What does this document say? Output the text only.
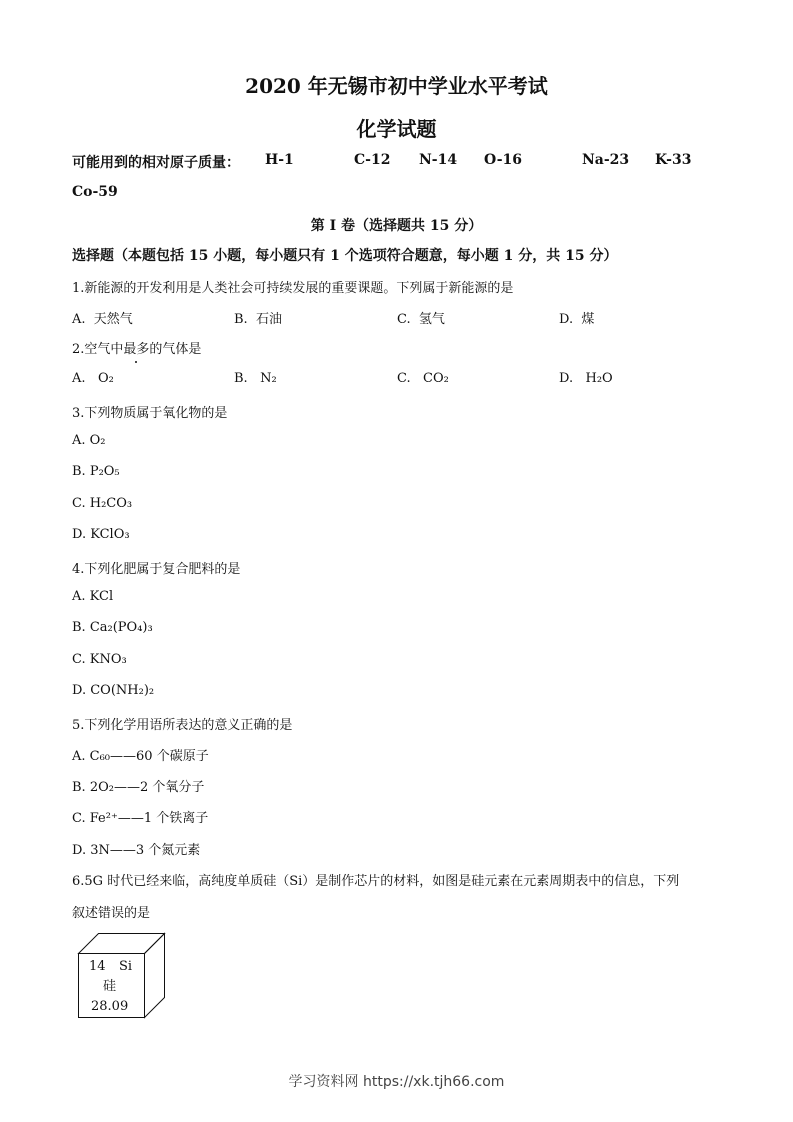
2020 年无锡市初中学业水平考试
化学试题
可能用到的相对原子质量： H-1	C-12 N-14 O-16	Na-23 K-33
Co-59
第 I 卷（选择题共 15 分）
选择题（本题包括 15 小题，每小题只有 1 个选项符合题意，每小题 1 分，共 15 分）
1.新能源的开发利用是人类社会可持续发展的重要课题。下列属于新能源的是
A. 天然气	B. 石油	C. 氢气	D. 煤
2.空气中最多的气体是
A. O₂	B. N₂	C. CO₂	D. H₂O
3.下列物质属于氧化物的是
A. O₂
B. P₂O₅
C. H₂CO₃
D. KClO₃
4.下列化肥属于复合肥料的是
A. KCl
B. Ca₂(PO₄)₃
C. KNO₃
D. CO(NH₂)₂
5.下列化学用语所表达的意义正确的是
A. C₆₀——60 个碳原子
B. 2O₂——2 个氧分子
C. Fe²⁺——1 个铁离子
D. 3N——3 个氮元素
6.5G 时代已经来临，高纯度单质硅（Si）是制作芯片的材料，如图是硅元素在元素周期表中的信息，下列
叙述错误的是
14 Si
硅
28.09
学习资料网 https://xk.tjh66.com
